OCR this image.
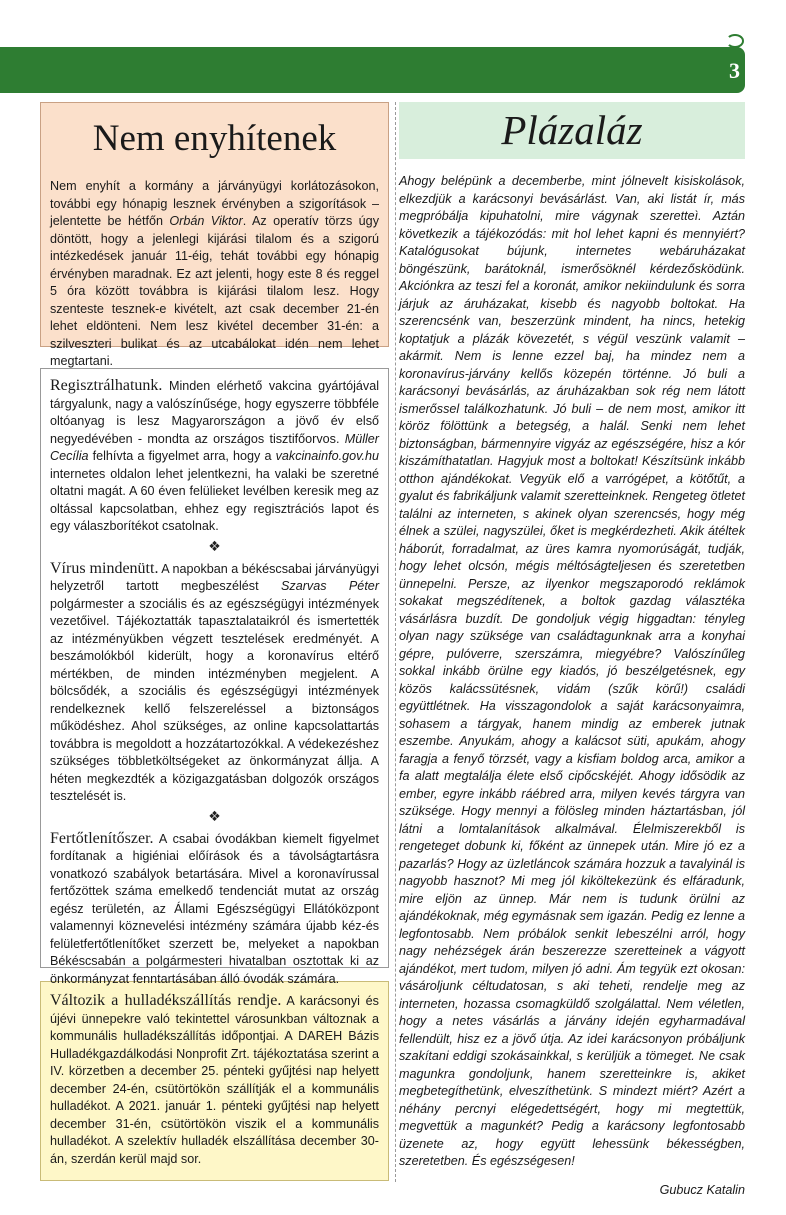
CSABAIAKTUÁLIS
3
Nem enyhítenek

Nem enyhít a kormány a járványügyi korlátozásokon, további egy hónapig lesznek érvényben a szigorítások – jelentette be hétfőn Orbán Viktor. Az operatív törzs úgy döntött, hogy a jelenlegi kijárási tilalom és a szigorú intézkedések január 11-éig, tehát további egy hónapig érvényben maradnak. Ez azt jelenti, hogy este 8 és reggel 5 óra között továbbra is kijárási tilalom lesz. Hogy szenteste tesznek-e kivételt, azt csak december 21-én lehet eldönteni. Nem lesz kivétel december 31-én: a szilveszteri bulikat és az utcabálokat idén nem lehet megtartani.

Regisztrálhatunk. Minden elérhető vakcina gyártójával tárgyalunk, nagy a valószínűsége, hogy egyszerre többféle oltóanyag is lesz Magyarországon a jövő év első negyedévében - mondta az országos tisztifőorvos. Müller Cecília felhívta a figyelmet arra, hogy a vakcinainfo.gov.hu internetes oldalon lehet jelentkezni, ha valaki be szeretné oltatni magát. A 60 éven felülieket levélben keresik meg az oltással kapcsolatban, ehhez egy regisztrációs lapot és egy válaszborítékot csatolnak.

❖

Vírus mindenütt. A napokban a békéscsabai járványügyi helyzetről tartott megbeszélést Szarvas Péter polgármester a szociális és az egészségügyi intézmények vezetőivel. Tájékoztatták tapasztalataikról és ismertették az intézményükben végzett tesztelések eredményét. A beszámolókból kiderült, hogy a koronavírus eltérő mértékben, de minden intézményben megjelent. A bölcsődék, a szociális és egészségügyi intézmények rendelkeznek kellő felszereléssel a biztonságos működéshez. Ahol szükséges, az online kapcsolattartás továbbra is megoldott a hozzátartozókkal. A védekezéshez szükséges többletköltségeket az önkormányzat állja. A héten megkezdték a közigazgatásban dolgozók országos tesztelését is.

❖

Fertőtlenítőszer. A csabai óvodákban kiemelt figyelmet fordítanak a higiéniai előírások és a távolságtartásra vonatkozó szabályok betartására. Mivel a koronavírussal fertőzöttek száma emelkedő tendenciát mutat az ország egész területén, az Állami Egészségügyi Ellátóközpont valamennyi köznevelési intézmény számára újabb kéz-és felületfertőtlenítőket szerzett be, melyeket a napokban Békéscsabán a polgármesteri hivatalban osztottak ki az önkormányzat fenntartásában álló óvodák számára.

Változik a hulladékszállítás rendje. A karácsonyi és újévi ünnepekre való tekintettel városunkban változnak a kommunális hulladékszállítás időpontjai. A DAREH Bázis Hulladékgazdálkodási Nonprofit Zrt. tájékoztatása szerint a IV. körzetben a december 25. pénteki gyűjtési nap helyett december 24-én, csütörtökön szállítják el a kommunális hulladékot. A 2021. január 1. pénteki gyűjtési nap helyett december 31-én, csütörtökön viszik el a kommunális hulladékot. A szelektív hulladék elszállítása december 30-án, szerdán kerül majd sor.

Plázaláz

Ahogy belépünk a decemberbe, mint jólnevelt kisiskolások, elkezdjük a karácsonyi bevásárlást. Van, aki listát ír, más megpróbálja kipuhatolni, mire vágynak szeretteì. Aztán következik a tájékozódás: mit hol lehet kapni és mennyiért? Katalógusokat bújunk, internetes webáruházakat böngészünk, barátoknál, ismerősöknél kérdezősködünk. Akciónkra az teszi fel a koronát, amikor nekiindulunk és sorra járjuk az áruházakat, kisebb és nagyobb boltokat. Ha szerencsénk van, beszerzünk mindent, ha nincs, hetekig koptatjuk a plázák kövezetét, s végül veszünk valamit – akármit. Nem is lenne ezzel baj, ha mindez nem a koronavírus-járvány kellős közepén történne. Jó buli a karácsonyi bevásárlás, az áruházakban sok rég nem látott ismerőssel találkozhatunk. Jó buli – de nem most, amikor itt köröz fölöttünk a betegség, a halál. Senki nem lehet biztonságban, bármennyire vigyáz az egészségére, hisz a kór kiszámíthatatlan. Hagyjuk most a boltokat! Készítsünk inkább otthon ajándékokat. Vegyük elő a varrógépet, a kötőtűt, a gyalut és fabrikáljunk valamit szeretteinknek. Rengeteg ötletet találni az interneten, s akinek olyan szerencsés, hogy még élnek a szülei, nagyszülei, őket is megkérdezheti. Akik átéltek háborút, forradalmat, az üres kamra nyomorúságát, tudják, hogy lehet olcsón, mégis méltóságteljesen és szeretetben ünnepelni. Persze, az ilyenkor megszaporodó reklámok sokakat megszédítenek, a boltok gazdag választéka vásárlásra buzdít. De gondoljuk végig higgadtan: tényleg olyan nagy szüksége van családtagunknak arra a konyhai gépre, pulóverre, szerszámra, miegyébre? Valószínűleg sokkal inkább örülne egy kiadós, jó beszélgetésnek, egy közös kalácssütésnek, vidám (szűk körű!) családi együttlétnek. Ha visszagondolok a saját karácsonyaimra, sohasem a tárgyak, hanem mindig az emberek jutnak eszembe. Anyukám, ahogy a kalácsot süti, apukám, ahogy faragja a fenyő törzsét, vagy a kisfiam boldog arca, amikor a fa alatt megtalálja élete első cipőcskéjét. Ahogy idősödik az ember, egyre inkább ráébred arra, milyen kevés tárgyra van szüksége. Hogy mennyi a fölösleg minden háztartásban, jól látni a lomtalanítások alkalmával. Élelmiszerekből is rengeteget dobunk ki, főként az ünnepek után. Mire jó ez a pazarlás? Hogy az üzletláncok számára hozzuk a tavalyinál is nagyobb hasznot? Mi meg jól kiköltekezünk és elfáradunk, mire eljön az ünnep. Már nem is tudunk örülni az ajándékoknak, még egymásnak sem igazán. Pedig ez lenne a legfontosabb. Nem próbálok senkit lebeszélni arról, hogy nagy nehézségek árán beszerezze szeretteinek a vágyott ajándékot, mert tudom, milyen jó adni. Ám tegyük ezt okosan: vásároljunk céltudatosan, s aki teheti, rendelje meg az interneten, hozassa csomagküldő szolgálattal. Nem véletlen, hogy a netes vásárlás a járvány idején egyharmadával fellendült, hisz ez a jövő útja. Az idei karácsonyon próbáljunk szakítani eddigi szokásainkkal, s kerüljük a tömeget. Ne csak magunkra gondoljunk, hanem szeretteinkre is, akiket megbetegíthetünk, elveszíthetünk. S mindezt miért? Azért a néhány percnyi elégedettségért, hogy mi megtettük, megvettük a magunkét? Pedig a karácsony legfontosabb üzenete az, hogy együtt lehessünk békességben, szeretetben. És egészségesen!

Gubucz Katalin
